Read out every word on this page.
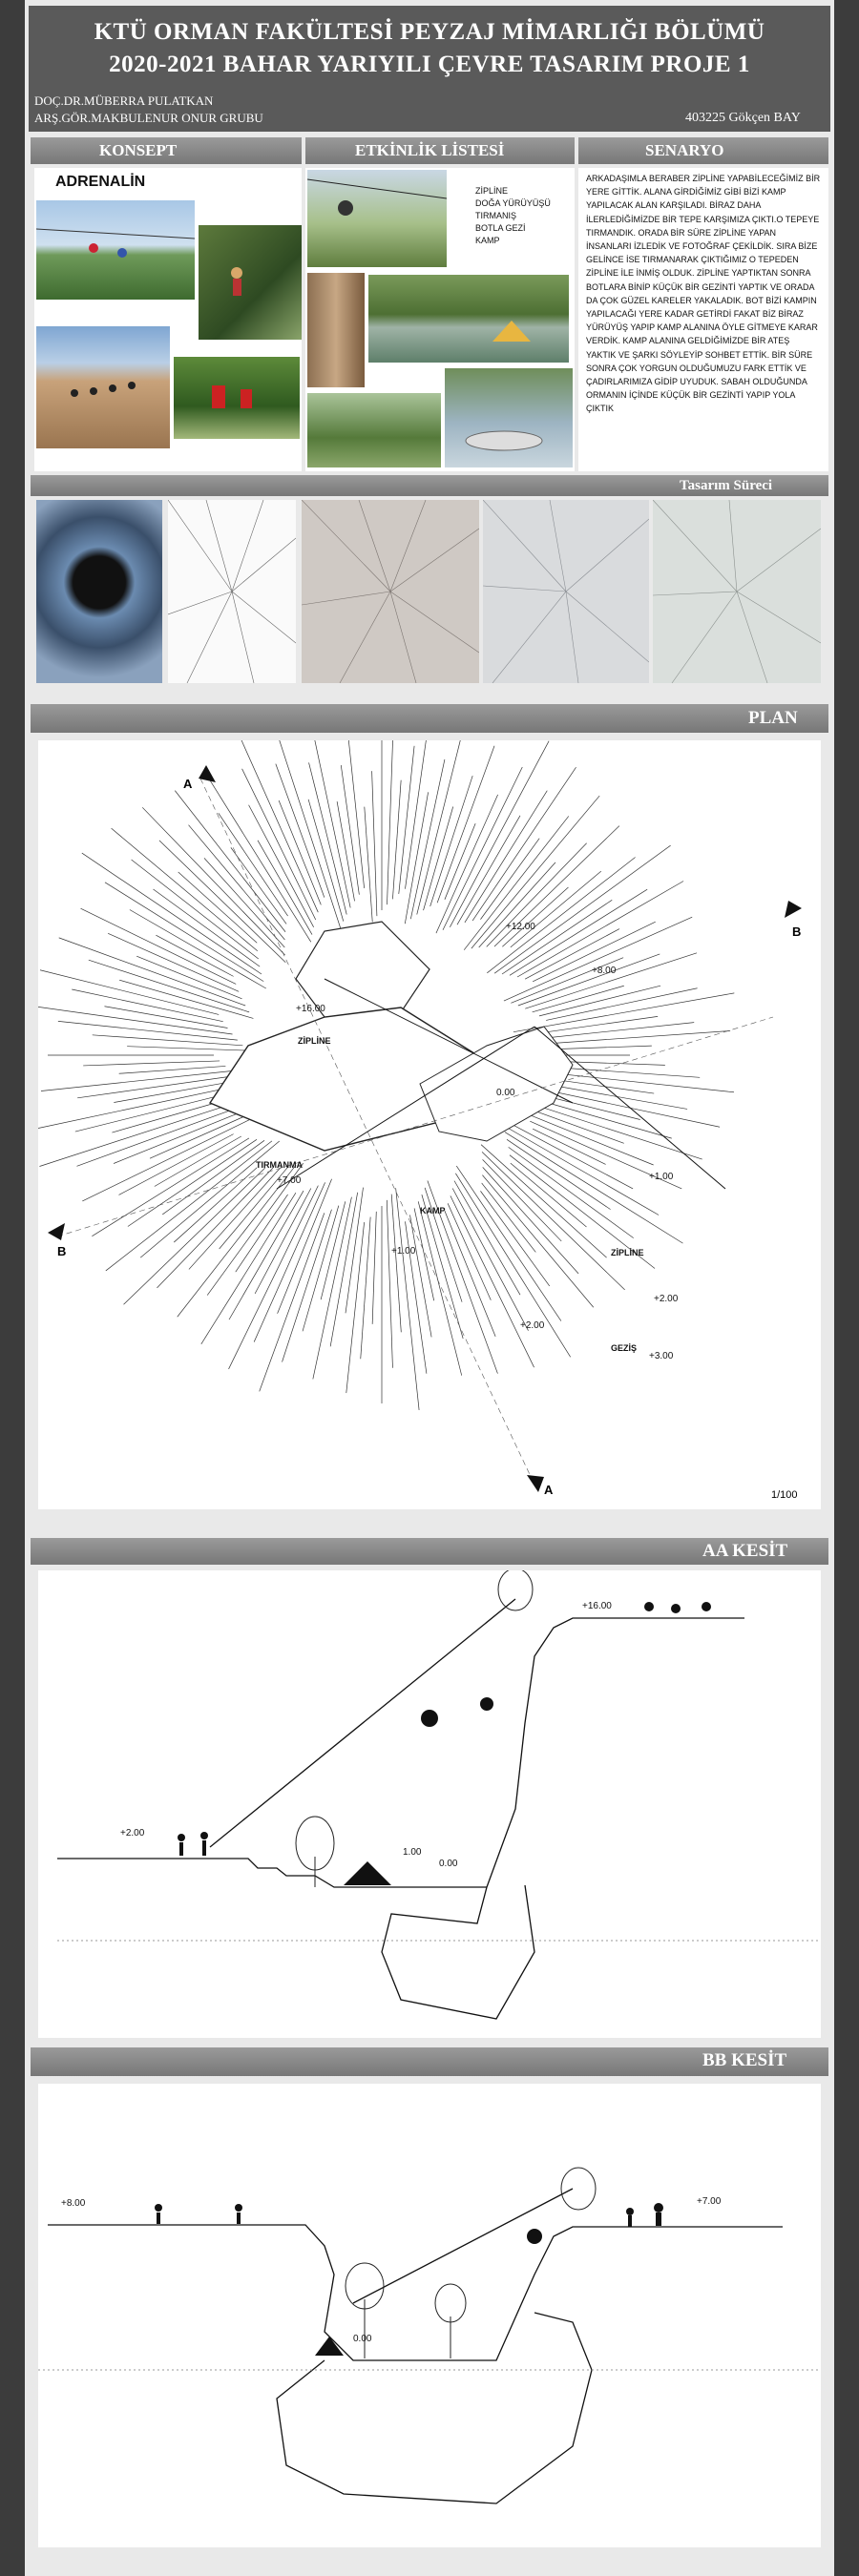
KTÜ ORMAN FAKÜLTESİ PEYZAJ MİMARLIĞI BÖLÜMÜ
2020-2021 BAHAR YARIYILI ÇEVRE TASARIM PROJE 1
DOÇ.DR.MÜBERRA PULATKAN
ARŞ.GÖR.MAKBULENUR ONUR GRUBU	403225 Gökçen BAY
KONSEPT	ETKİNLİK LİSTESİ	SENARYO
ADRENALİN
ZİPLİNE
DOĞA YÜRÜYÜŞÜ
TIRMANIŞ
BOTLA GEZİ
KAMP
ARKADAŞIMLA BERABER ZİPLİNE YAPABİLECEĞİMİZ BİR YERE GİTTİK. ALANA GİRDİĞİMİZ GİBİ BİZİ KAMP YAPILACAK ALAN KARŞILADI. BİRAZ DAHA İLERLEDİĞİMİZDE BİR TEPE KARŞIMIZA ÇIKTI.O TEPEYE TIRMANDIK. ORADA BİR SÜRE ZİPLİNE YAPAN İNSANLARI İZLEDİK VE FOTOĞRAF ÇEKİLDİK. SIRA BİZE GELİNCE İSE TIRMANARAK ÇIKTIĞIMIZ O TEPEDEN ZİPLİNE İLE İNMİŞ OLDUK. ZİPLİNE YAPTIKTAN SONRA BOTLARA BİNİP KÜÇÜK BİR GEZİNTİ YAPTIK VE ORADA DA ÇOK GÜZEL KARELER YAKALADIK. BOT BİZİ KAMPIN YAPILACAĞI YERE KADAR GETİRDİ FAKAT BİZ BİRAZ YÜRÜYÜŞ YAPIP KAMP ALANINA ÖYLE GİTMEYE KARAR VERDİK. KAMP ALANINA GELDİĞİMİZDE BİR ATEŞ YAKTIK VE ŞARKI SÖYLEYİP SOHBET ETTİK. BİR SÜRE SONRA ÇOK YORGUN OLDUĞUMUZU FARK ETTİK VE ÇADIRLARIMIZA GİDİP UYUDUK. SABAH OLDUĞUNDA ORMANIN İÇİNDE KÜÇÜK BİR GEZİNTİ YAPIP YOLA ÇIKTIK
Tasarım Süreci
PLAN
A
A
B
B
+16.00
+12.00
+8.00
0.00
+7.00
+1.00
+1.00
+2.00
+2.00
+3.00
ZİPLİNE
TIRMANMA
KAMP
ZİPLİNE
GEZİŞ
1/100
AA KESİT
+16.00
+2.00
1.00
0.00
BB KESİT
+8.00	+7.00
0.00
